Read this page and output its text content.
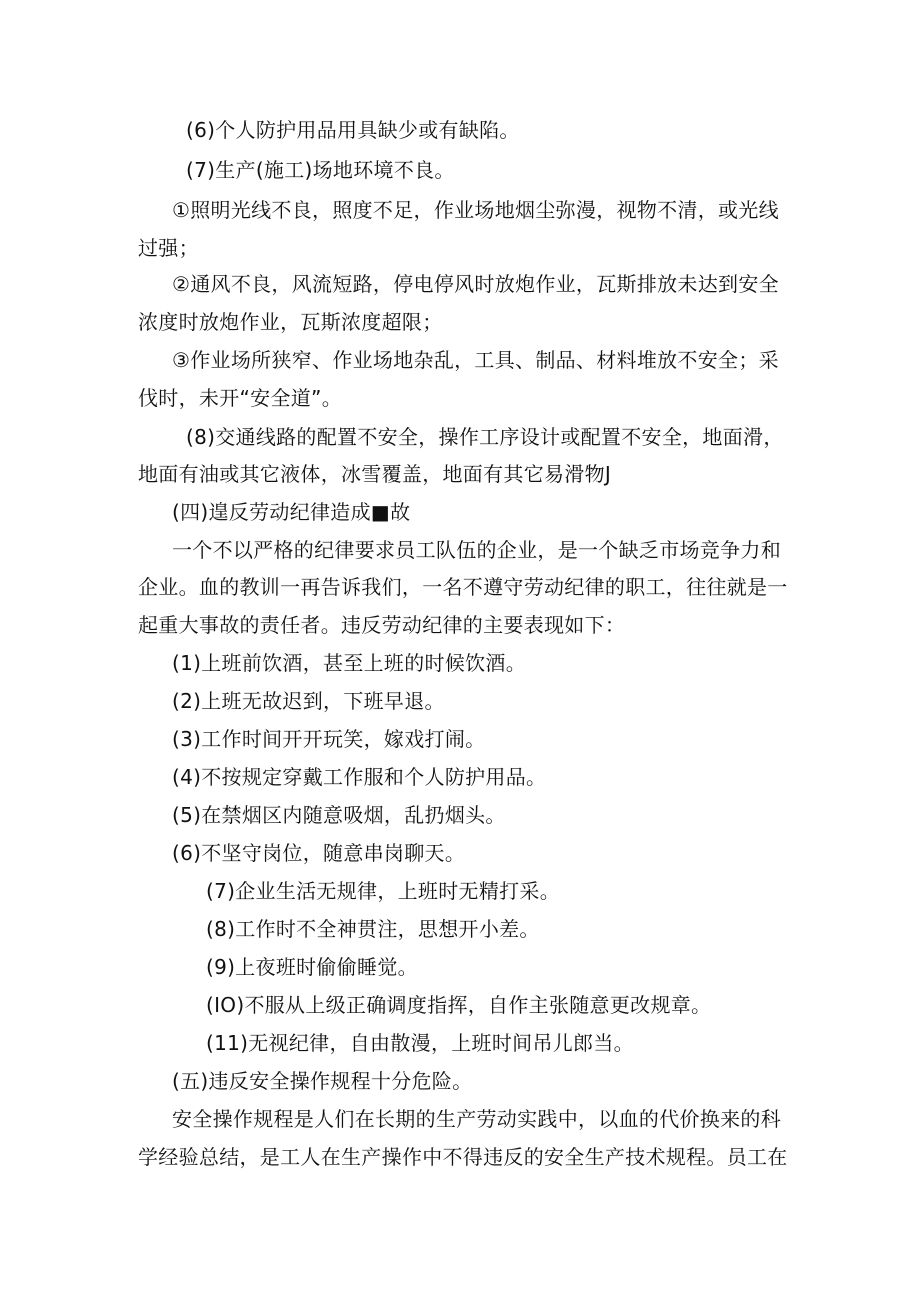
(6)个人防护用品用具缺少或有缺陷。
(7)生产(施工)场地环境不良。
①照明光线不良，照度不足，作业场地烟尘弥漫，视物不清，或光线
过强；
②通风不良，风流短路，停电停风时放炮作业，瓦斯排放未达到安全
浓度时放炮作业，瓦斯浓度超限；
③作业场所狭窄、作业场地杂乱，工具、制品、材料堆放不安全；采
伐时，未开“安全道”。
(8)交通线路的配置不安全，操作工序设计或配置不安全，地面滑，
地面有油或其它液体，冰雪覆盖，地面有其它易滑物J
(四)遑反劳动纪律造成■故
一个不以严格的纪律要求员工队伍的企业，是一个缺乏市场竞争力和
企业。血的教训一再告诉我们，一名不遵守劳动纪律的职工，往往就是一
起重大事故的责任者。违反劳动纪律的主要表现如下：
(1)上班前饮酒，甚至上班的时候饮酒。
(2)上班无故迟到，下班早退。
(3)工作时间开开玩笑，嫁戏打闹。
(4)不按规定穿戴工作服和个人防护用品。
(5)在禁烟区内随意吸烟，乱扔烟头。
(6)不坚守岗位，随意串岗聊天。
(7)企业生活无规律，上班时无精打采。
(8)工作时不全神贯注，思想开小差。
(9)上夜班时偷偷睡觉。
(IO)不服从上级正确调度指挥，自作主张随意更改规章。
(11)无视纪律，自由散漫，上班时间吊儿郎当。
(五)违反安全操作规程十分危险。
安全操作规程是人们在长期的生产劳动实践中，以血的代价换来的科
学经验总结，是工人在生产操作中不得违反的安全生产技术规程。员工在
